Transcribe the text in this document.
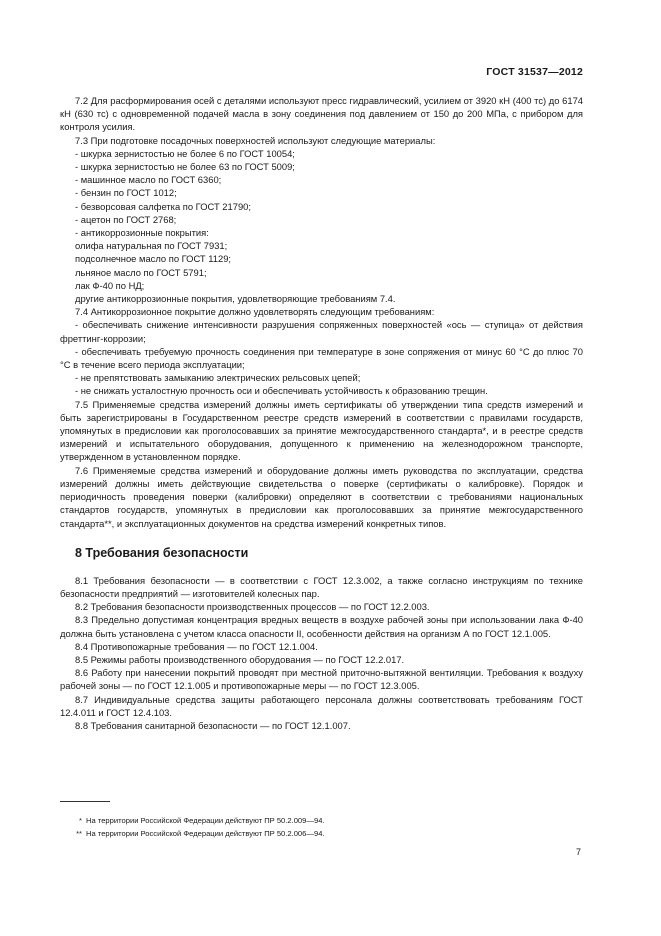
ГОСТ 31537—2012

7.2 Для расформирования осей с деталями используют пресс гидравлический, усилием от 3920 кН (400 тс) до 6174 кН (630 тс) с одновременной подачей масла в зону соединения под давлением от 150 до 200 МПа, с прибором для контроля усилия.

7.3 При подготовке посадочных поверхностей используют следующие материалы:

- шкурка зернистостью не более 6 по ГОСТ 10054;

- шкурка зернистостью не более 63 по ГОСТ 5009;

- машинное масло по ГОСТ 6360;

- бензин по ГОСТ 1012;

- безворсовая салфетка по ГОСТ 21790;

- ацетон по ГОСТ 2768;

- антикоррозионные покрытия:

олифа натуральная по ГОСТ 7931;

подсолнечное масло по ГОСТ 1129;

льняное масло по ГОСТ 5791;

лак Ф-40 по НД;

другие антикоррозионные покрытия, удовлетворяющие требованиям 7.4.

7.4 Антикоррозионное покрытие должно удовлетворять следующим требованиям:

- обеспечивать снижение интенсивности разрушения сопряженных поверхностей «ось — ступица» от действия фреттинг-коррозии;

- обеспечивать требуемую прочность соединения при температуре в зоне сопряжения от минус 60 °С до плюс 70 °С в течение всего периода эксплуатации;

- не препятствовать замыканию электрических рельсовых цепей;

- не снижать усталостную прочность оси и обеспечивать устойчивость к образованию трещин.

7.5 Применяемые средства измерений должны иметь сертификаты об утверждении типа средств измерений и быть зарегистрированы в Государственном реестре средств измерений в соответствии с правилами государств, упомянутых в предисловии как проголосовавших за принятие межгосударственного стандарта*, и в реестре средств измерений и испытательного оборудования, допущенного к применению на железнодорожном транспорте, утвержденном в установленном порядке.

7.6 Применяемые средства измерений и оборудование должны иметь руководства по эксплуатации, средства измерений должны иметь действующие свидетельства о поверке (сертификаты о калибровке). Порядок и периодичность проведения поверки (калибровки) определяют в соответствии с требованиями национальных стандартов государств, упомянутых в предисловии как проголосовавших за принятие межгосударственного стандарта**, и эксплуатационных документов на средства измерений конкретных типов.

8 Требования безопасности

8.1 Требования безопасности — в соответствии с ГОСТ 12.3.002, а также согласно инструкциям по технике безопасности предприятий — изготовителей колесных пар.

8.2 Требования безопасности производственных процессов — по ГОСТ 12.2.003.

8.3 Предельно допустимая концентрация вредных веществ в воздухе рабочей зоны при использовании лака Ф-40 должна быть установлена с учетом класса опасности II, особенности действия на организм А по ГОСТ 12.1.005.

8.4 Противопожарные требования — по ГОСТ 12.1.004.

8.5 Режимы работы производственного оборудования — по ГОСТ 12.2.017.

8.6 Работу при нанесении покрытий проводят при местной приточно-вытяжной вентиляции. Требования к воздуху рабочей зоны — по ГОСТ 12.1.005 и противопожарные меры — по ГОСТ 12.3.005.

8.7 Индивидуальные средства защиты работающего персонала должны соответствовать требованиям ГОСТ 12.4.011 и ГОСТ 12.4.103.

8.8 Требования санитарной безопасности — по ГОСТ 12.1.007.

* На территории Российской Федерации действуют ПР 50.2.009—94.
** На территории Российской Федерации действуют ПР 50.2.006—94.
7
